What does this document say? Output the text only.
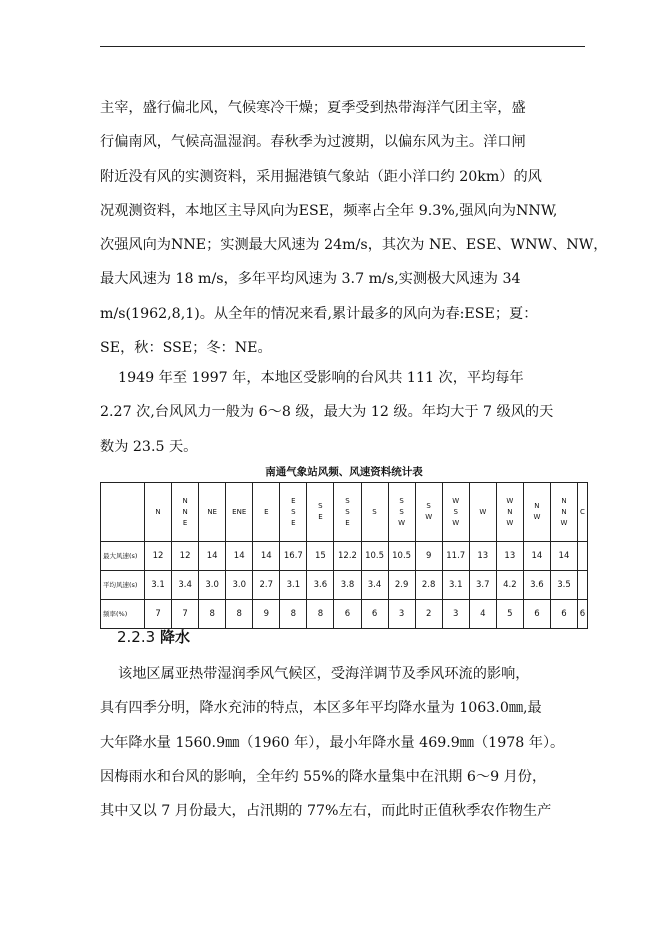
主宰，盛行偏北风，气候寒冷干燥；夏季受到热带海洋气团主宰，盛
行偏南风，气候高温湿润。春秋季为过渡期，以偏东风为主。洋口闸
附近没有风的实测资料，采用掘港镇气象站（距小洋口约 20km）的风
况观测资料，本地区主导风向为ESE，频率占全年 9.3%,强风向为NNW,
次强风向为NNE；实测最大风速为 24m/s，其次为 NE、ESE、WNW、NW，
最大风速为 18 m/s，多年平均风速为 3.7 m/s,实测极大风速为 34
m/s(1962,8,1)。从全年的情况来看,累计最多的风向为春:ESE；夏：
SE，秋：SSE；冬：NE。
1949 年至 1997 年，本地区受影响的台风共 111 次，平均每年
2.27 次,台风风力一般为 6～8 级，最大为 12 级。年均大于 7 级风的天
数为 23.5 天。
南通气象站风频、风速资料统计表
	N	NNE	NE	ENE	E	ESE	SE	SSE	S	SSW	SW	WSW	W	WNW	NW	NNW	C
最大风速(s)	12	12	14	14	14	16.7	15	12.2	10.5	10.5	9	11.7	13	13	14	14	
平均风速(s)	3.1	3.4	3.0	3.0	2.7	3.1	3.6	3.8	3.4	2.9	2.8	3.1	3.7	4.2	3.6	3.5	
频率(%)	7	7	8	8	9	8	8	6	6	3	2	3	4	5	6	6	6
2.2.3 降水
该地区属亚热带湿润季风气候区，受海洋调节及季风环流的影响，
具有四季分明，降水充沛的特点，本区多年平均降水量为 1063.0㎜,最
大年降水量 1560.9㎜（1960 年），最小年降水量 469.9㎜（1978 年）。
因梅雨水和台风的影响，全年约 55%的降水量集中在汛期 6～9 月份，
其中又以 7 月份最大，占汛期的 77%左右，而此时正值秋季农作物生产
